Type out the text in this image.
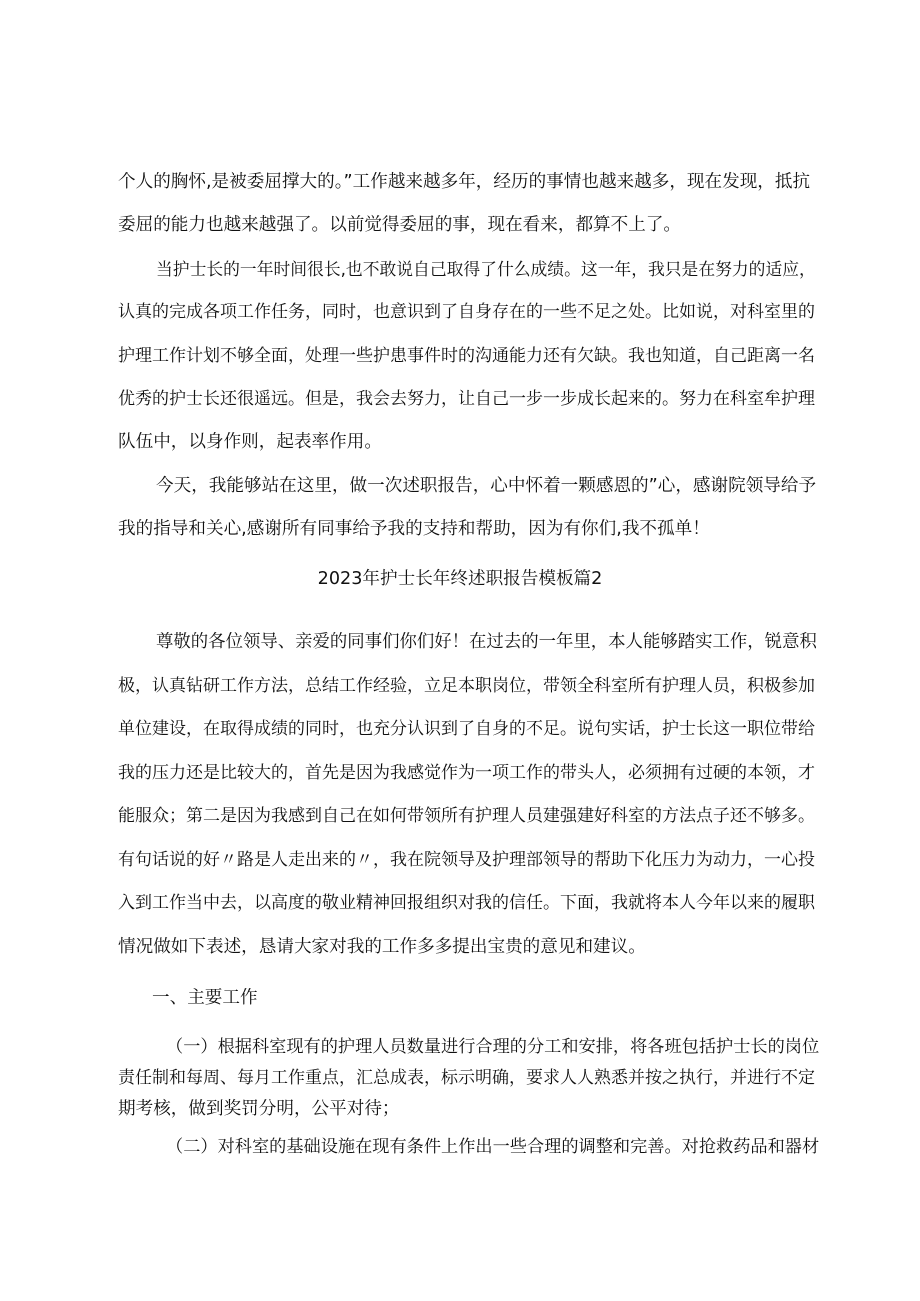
个人的胸怀,是被委屈撑大的。”工作越来越多年，经历的事情也越来越多，现在发现，抵抗
委屈的能力也越来越强了。以前觉得委屈的事，现在看来，都算不上了。
当护士长的一年时间很长,也不敢说自己取得了什么成绩。这一年，我只是在努力的适应，
认真的完成各项工作任务，同时，也意识到了自身存在的一些不足之处。比如说，对科室里的
护理工作计划不够全面，处理一些护患事件时的沟通能力还有欠缺。我也知道，自己距离一名
优秀的护士长还很遥远。但是，我会去努力，让自己一步一步成长起来的。努力在科室牟护理
队伍中，以身作则，起表率作用。
今天，我能够站在这里，做一次述职报告，心中怀着一颗感恩的”心，感谢院领导给予
我的指导和关心,感谢所有同事给予我的支持和帮助，因为有你们,我不孤单！
2023年护士长年终述职报告模板篇2
尊敬的各位领导、亲爱的同事们你们好！在过去的一年里，本人能够踏实工作，锐意积
极，认真钻研工作方法，总结工作经验，立足本职岗位，带领全科室所有护理人员，积极参加
单位建设，在取得成绩的同时，也充分认识到了自身的不足。说句实话，护士长这一职位带给
我的压力还是比较大的，首先是因为我感觉作为一项工作的带头人，必须拥有过硬的本领，才
能服众；第二是因为我感到自己在如何带领所有护理人员建强建好科室的方法点子还不够多。
有句话说的好〃路是人走出来的〃，我在院领导及护理部领导的帮助下化压力为动力，一心投
入到工作当中去，以高度的敬业精神回报组织对我的信任。下面，我就将本人今年以来的履职
情况做如下表述，恳请大家对我的工作多多提出宝贵的意见和建议。
一、主要工作
（一）根据科室现有的护理人员数量进行合理的分工和安排，将各班包括护士长的岗位
责任制和每周、每月工作重点，汇总成表，标示明确，要求人人熟悉并按之执行，并进行不定
期考核，做到奖罚分明，公平对待；
（二）对科室的基础设施在现有条件上作出一些合理的调整和完善。对抢救药品和器材
